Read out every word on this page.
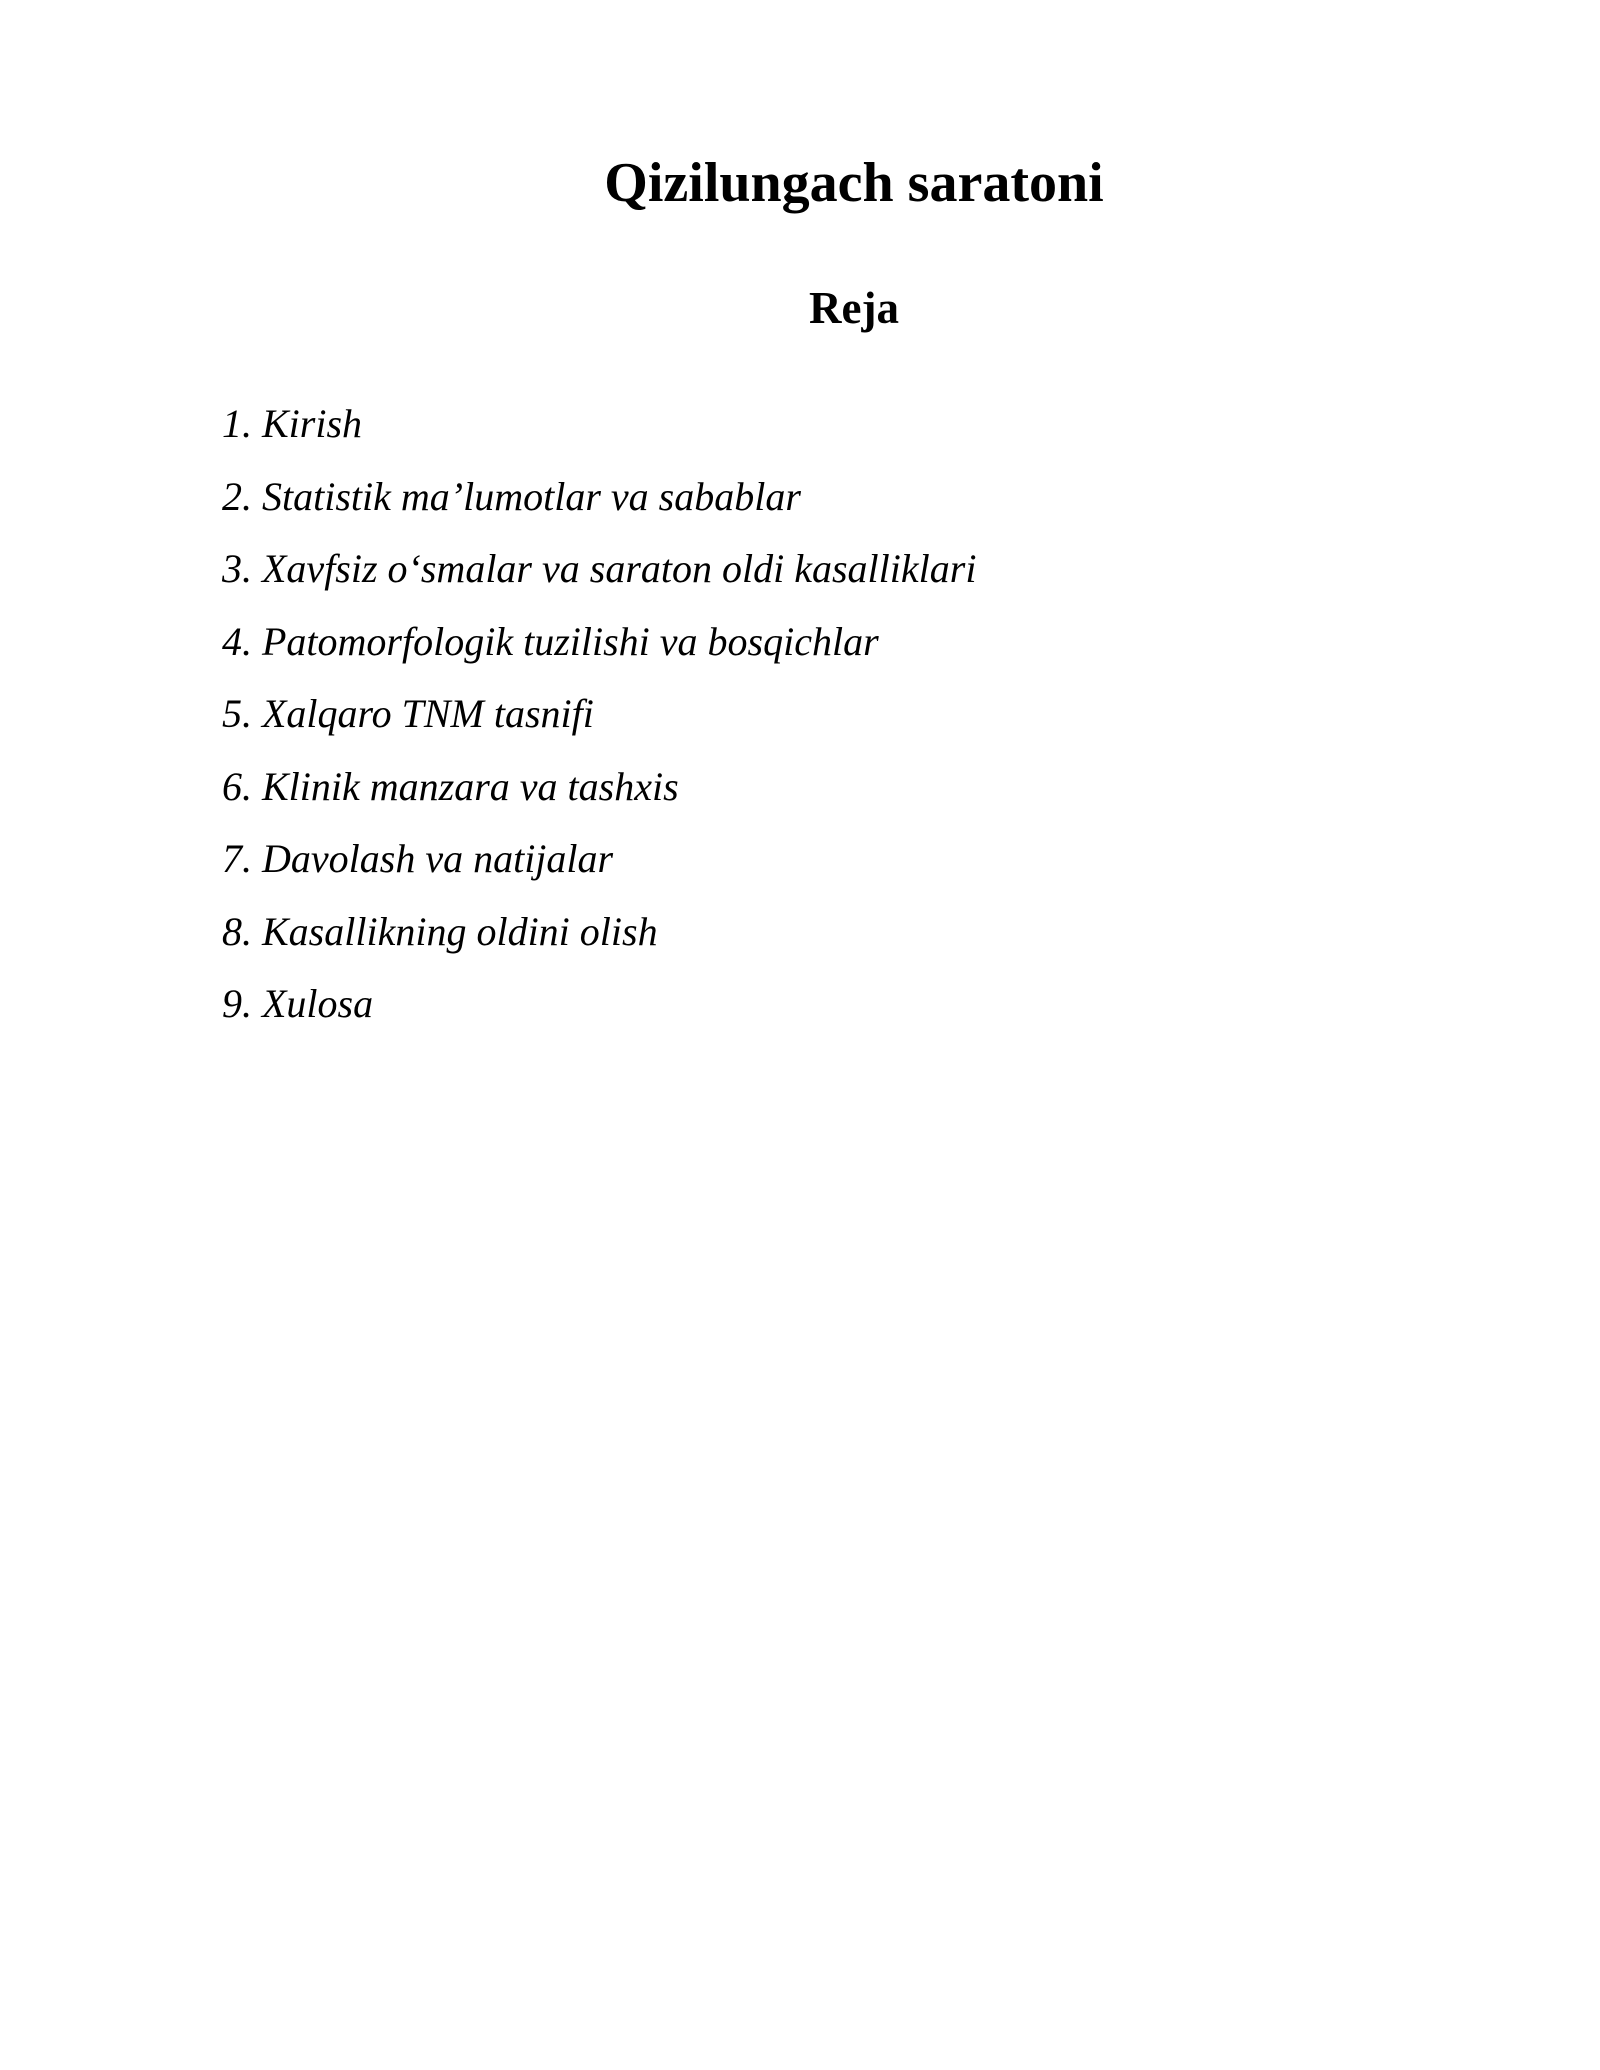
Qizilungach saratoni
Reja
1. Kirish
2. Statistik ma’lumotlar va sabablar
3. Xavfsiz o‘smalar va saraton oldi kasalliklari
4. Patomorfologik tuzilishi va bosqichlar
5. Xalqaro TNM tasnifi
6. Klinik manzara va tashxis
7. Davolash va natijalar
8. Kasallikning oldini olish
9. Xulosa
